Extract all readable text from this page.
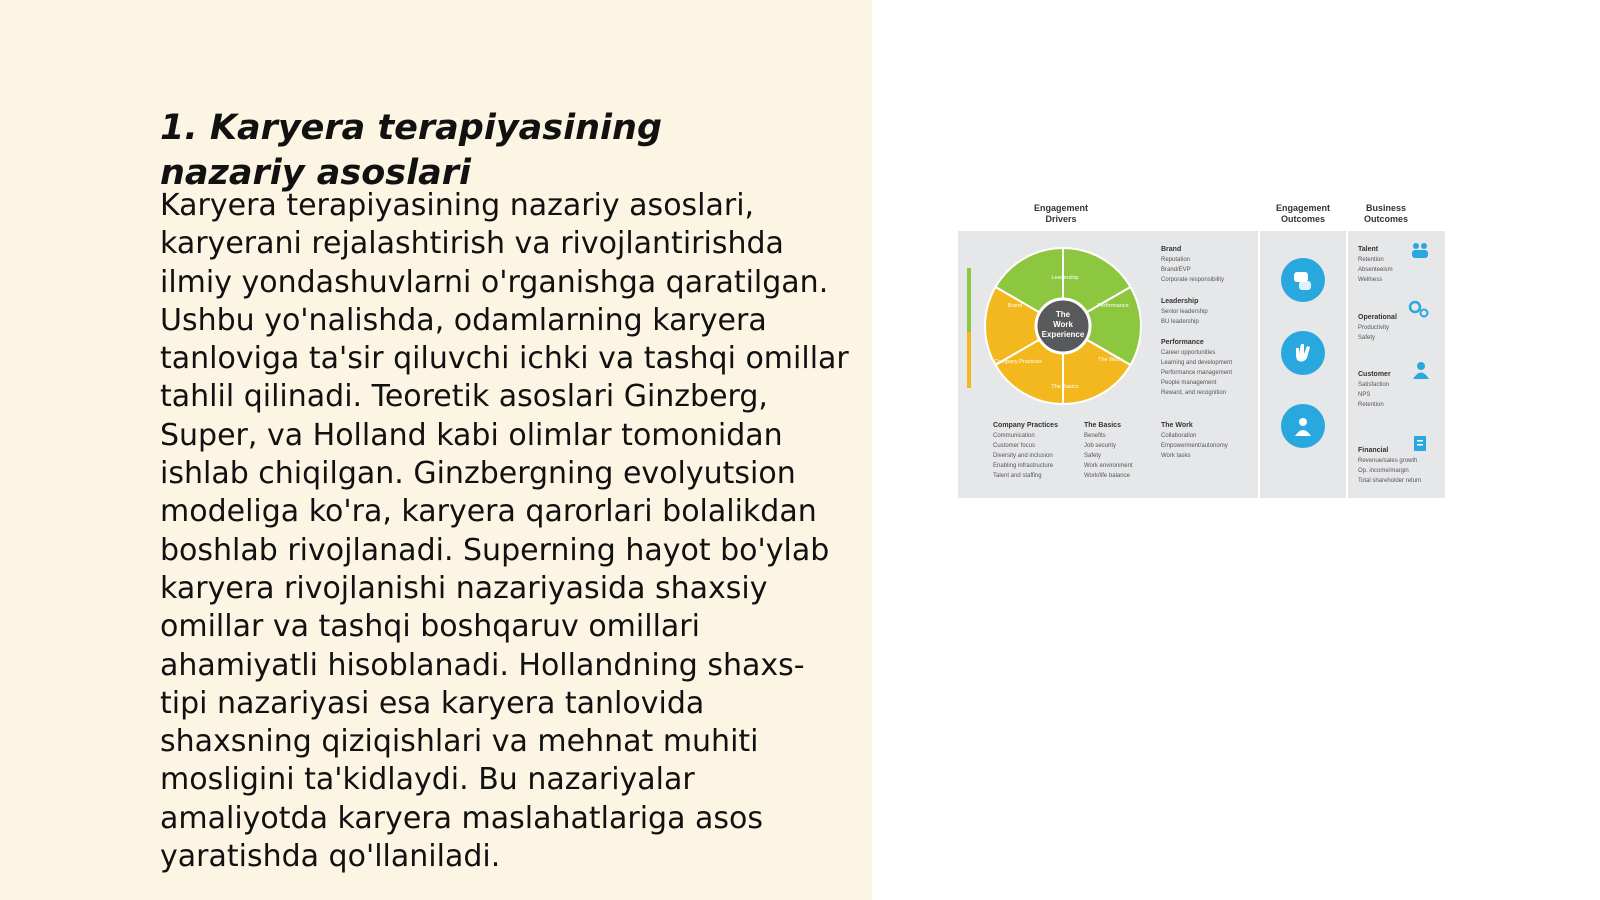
1. Karyera terapiyasining nazariy asoslari

Karyera terapiyasining nazariy asoslari, karyerani rejalashtirish va rivojlantirishda ilmiy yondashuvlarni o'rganishga qaratilgan. Ushbu yo'nalishda, odamlarning karyera tanloviga ta'sir qiluvchi ichki va tashqi omillar tahlil qilinadi. Teoretik asoslari Ginzberg, Super, va Holland kabi olimlar tomonidan ishlab chiqilgan. Ginzbergning evolyutsion modeliga ko'ra, karyera qarorlari bolalikdan boshlab rivojlanadi. Superning hayot bo'ylab karyera rivojlanishi nazariyasida shaxsiy omillar va tashqi boshqaruv omillari ahamiyatli hisoblanadi. Hollandning shaxs-tipi nazariyasi esa karyera tanlovida shaxsning qiziqishlari va mehnat muhiti mosligini ta'kidlaydi. Bu nazariyalar amaliyotda karyera maslahatlariga asos yaratishda qo'llaniladi.

Engagement
Drivers
Engagement
Outcomes
Business
Outcomes
The
Work
Experience
Leadership
Brand	Performance
Company Practices
The Basics
The Work
Brand
Reputation
Brand/EVP
Corporate responsibility
Leadership
Senior leadership
BU leadership
Performance
Career opportunities
Learning and development
Performance management
People management
Reward, and recognition
Company Practices
Communication
Customer focus
Diversity and inclusion
Enabling infrastructure
Talent and staffing
The Basics
Benefits
Job security
Safety
Work environment
Work/life balance
The Work
Collaboration
Empowerment/autonomy
Work tasks
Talent
Retention
Absenteeism
Wellness
Operational
Productivity
Safety
Customer
Satisfaction
NPS
Retention
Financial
Revenue/sales growth
Op. income/margin
Total shareholder return
